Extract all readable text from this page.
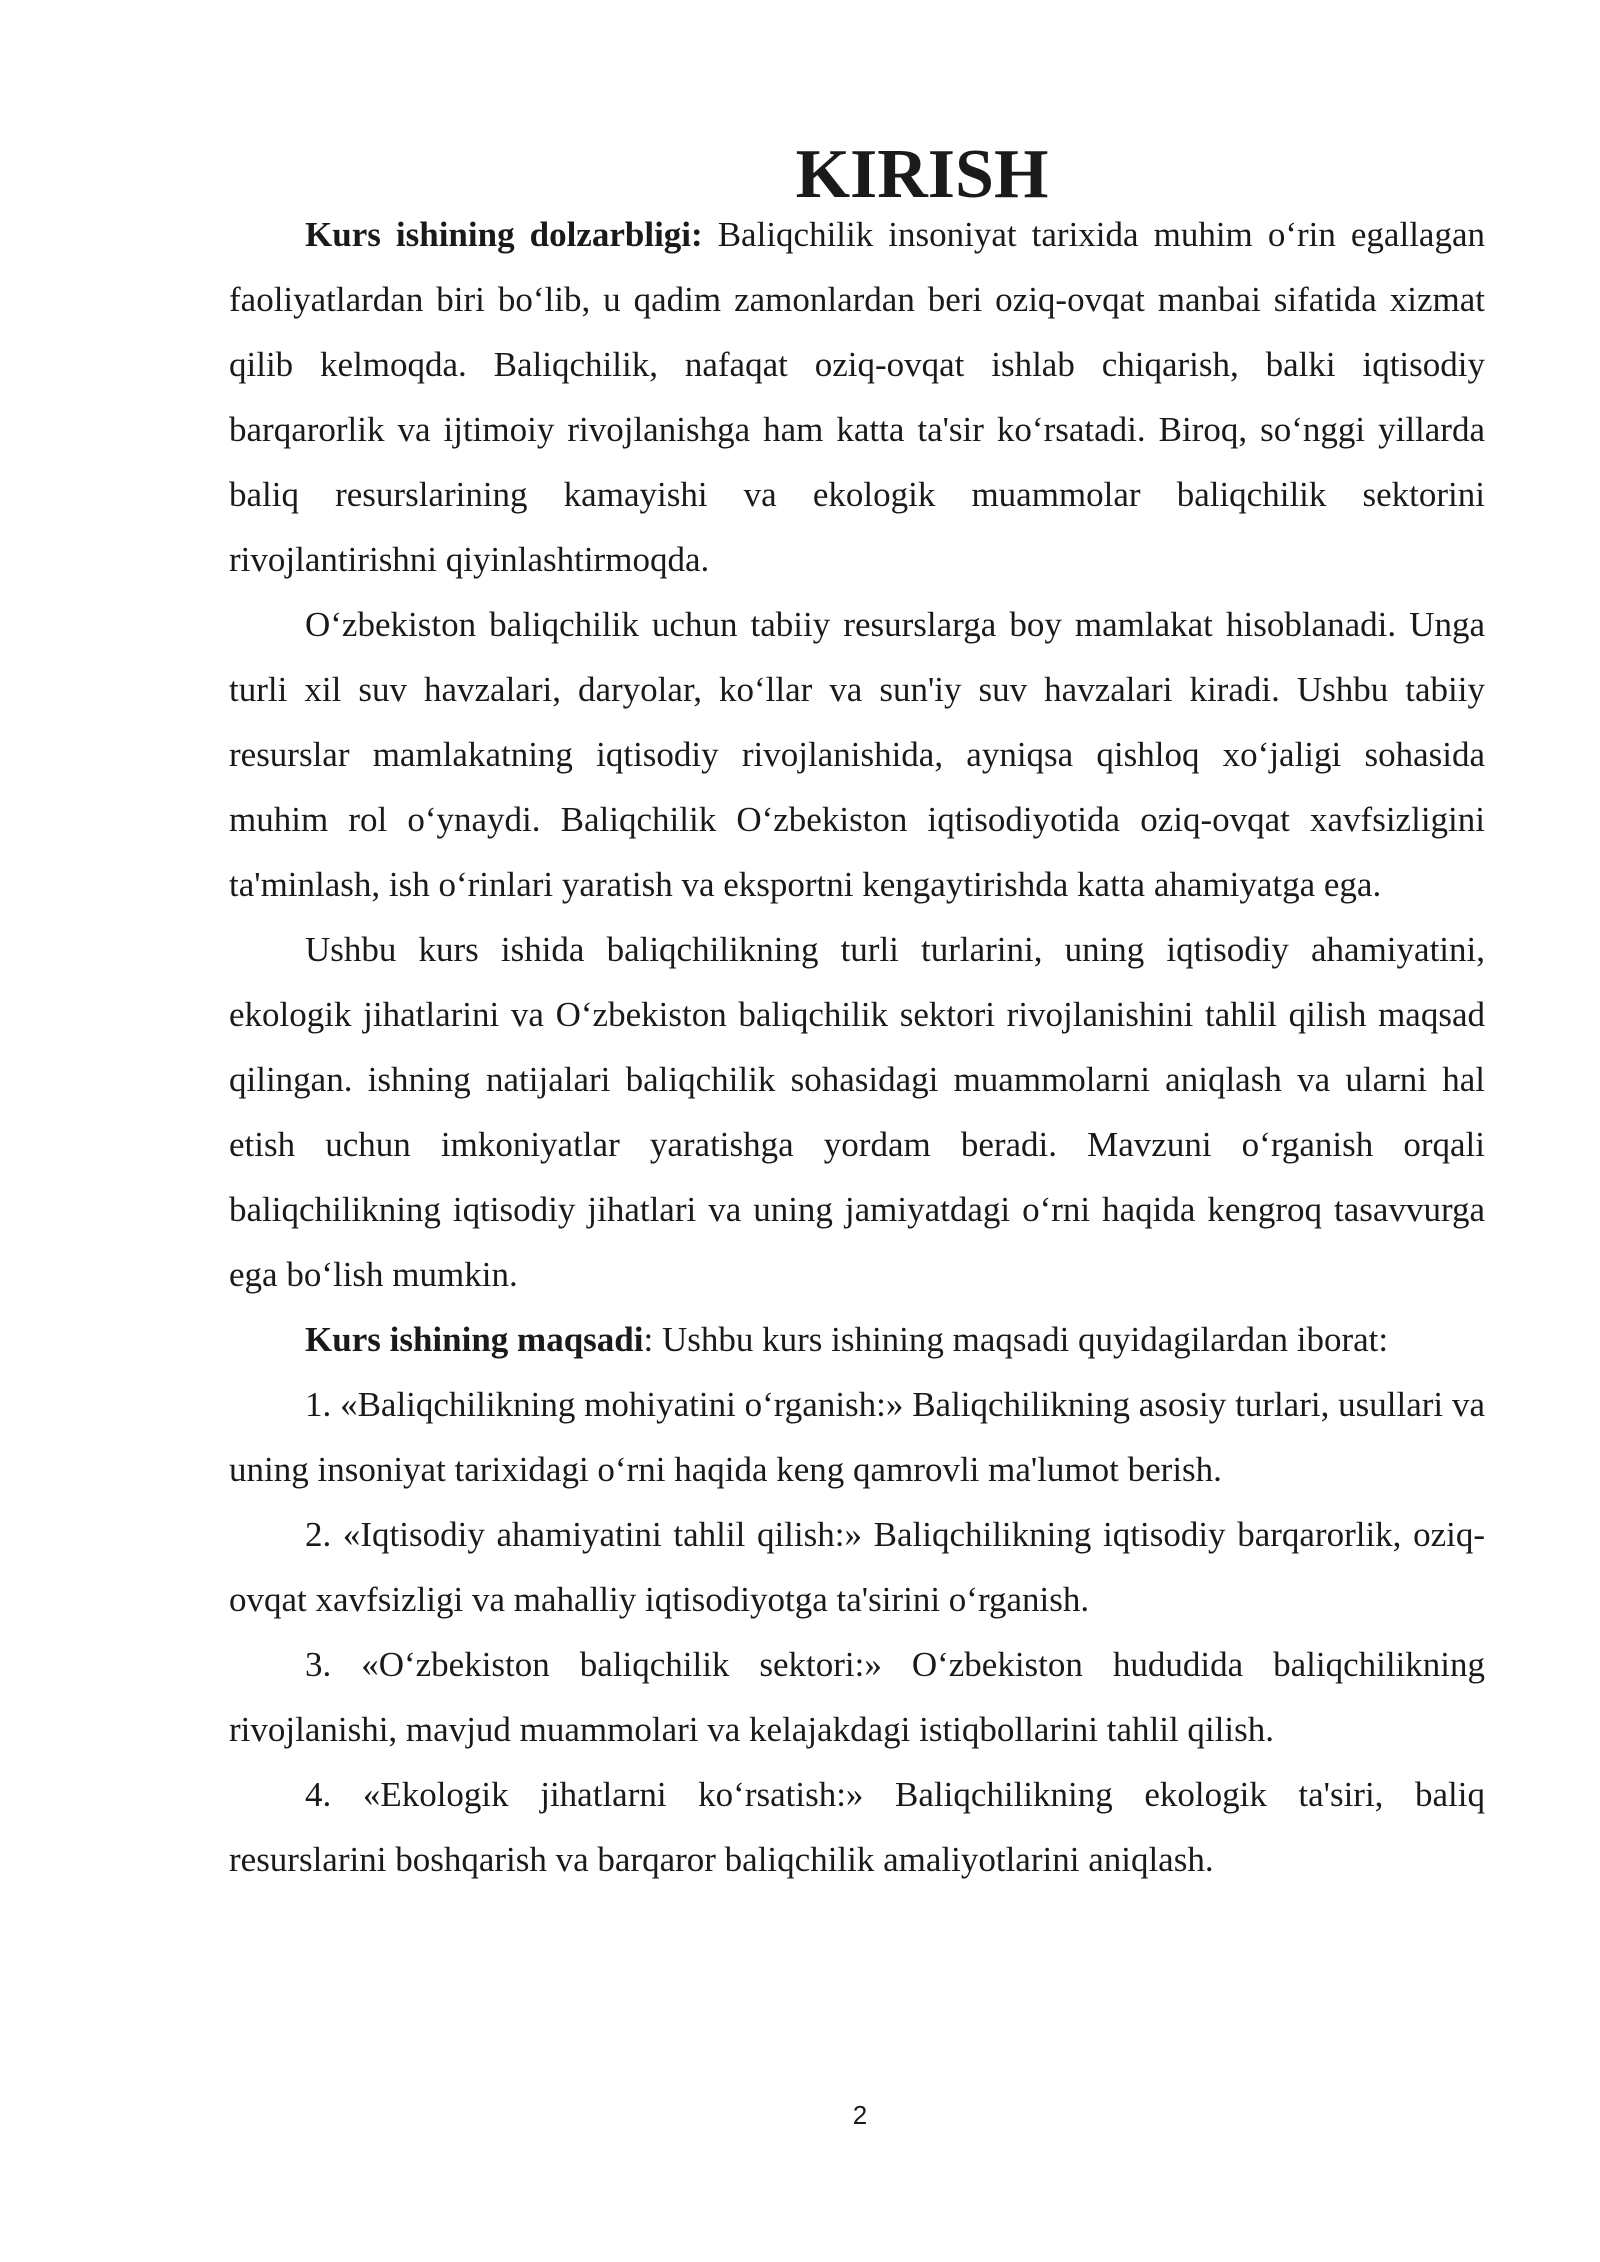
KIRISH

Kurs ishining dolzarbligi: Baliqchilik insoniyat tarixida muhim o‘rin egallagan faoliyatlardan biri bo‘lib, u qadim zamonlardan beri oziq-ovqat manbai sifatida xizmat qilib kelmoqda. Baliqchilik, nafaqat oziq-ovqat ishlab chiqarish, balki iqtisodiy barqarorlik va ijtimoiy rivojlanishga ham katta ta'sir ko‘rsatadi. Biroq, so‘nggi yillarda baliq resurslarining kamayishi va ekologik muammolar baliqchilik sektorini rivojlantirishni qiyinlashtirmoqda.

O‘zbekiston baliqchilik uchun tabiiy resurslarga boy mamlakat hisoblanadi. Unga turli xil suv havzalari, daryolar, ko‘llar va sun'iy suv havzalari kiradi. Ushbu tabiiy resurslar mamlakatning iqtisodiy rivojlanishida, ayniqsa qishloq xo‘jaligi sohasida muhim rol o‘ynaydi. Baliqchilik O‘zbekiston iqtisodiyotida oziq-ovqat xavfsizligini ta'minlash, ish o‘rinlari yaratish va eksportni kengaytirishda katta ahamiyatga ega.

Ushbu kurs ishida baliqchilikning turli turlarini, uning iqtisodiy ahamiyatini, ekologik jihatlarini va O‘zbekiston baliqchilik sektori rivojlanishini tahlil qilish maqsad qilingan. ishning natijalari baliqchilik sohasidagi muammolarni aniqlash va ularni hal etish uchun imkoniyatlar yaratishga yordam beradi. Mavzuni o‘rganish orqali baliqchilikning iqtisodiy jihatlari va uning jamiyatdagi o‘rni haqida kengroq tasavvurga ega bo‘lish mumkin.

Kurs ishining maqsadi: Ushbu kurs ishining maqsadi quyidagilardan iborat:

1. «Baliqchilikning mohiyatini o‘rganish:» Baliqchilikning asosiy turlari, usullari va uning insoniyat tarixidagi o‘rni haqida keng qamrovli ma'lumot berish.

2. «Iqtisodiy ahamiyatini tahlil qilish:» Baliqchilikning iqtisodiy barqarorlik, oziq-ovqat xavfsizligi va mahalliy iqtisodiyotga ta'sirini o‘rganish.

3. «O‘zbekiston baliqchilik sektori:» O‘zbekiston hududida baliqchilikning rivojlanishi, mavjud muammolari va kelajakdagi istiqbollarini tahlil qilish.

4. «Ekologik jihatlarni ko‘rsatish:» Baliqchilikning ekologik ta'siri, baliq resurslarini boshqarish va barqaror baliqchilik amaliyotlarini aniqlash.

2
